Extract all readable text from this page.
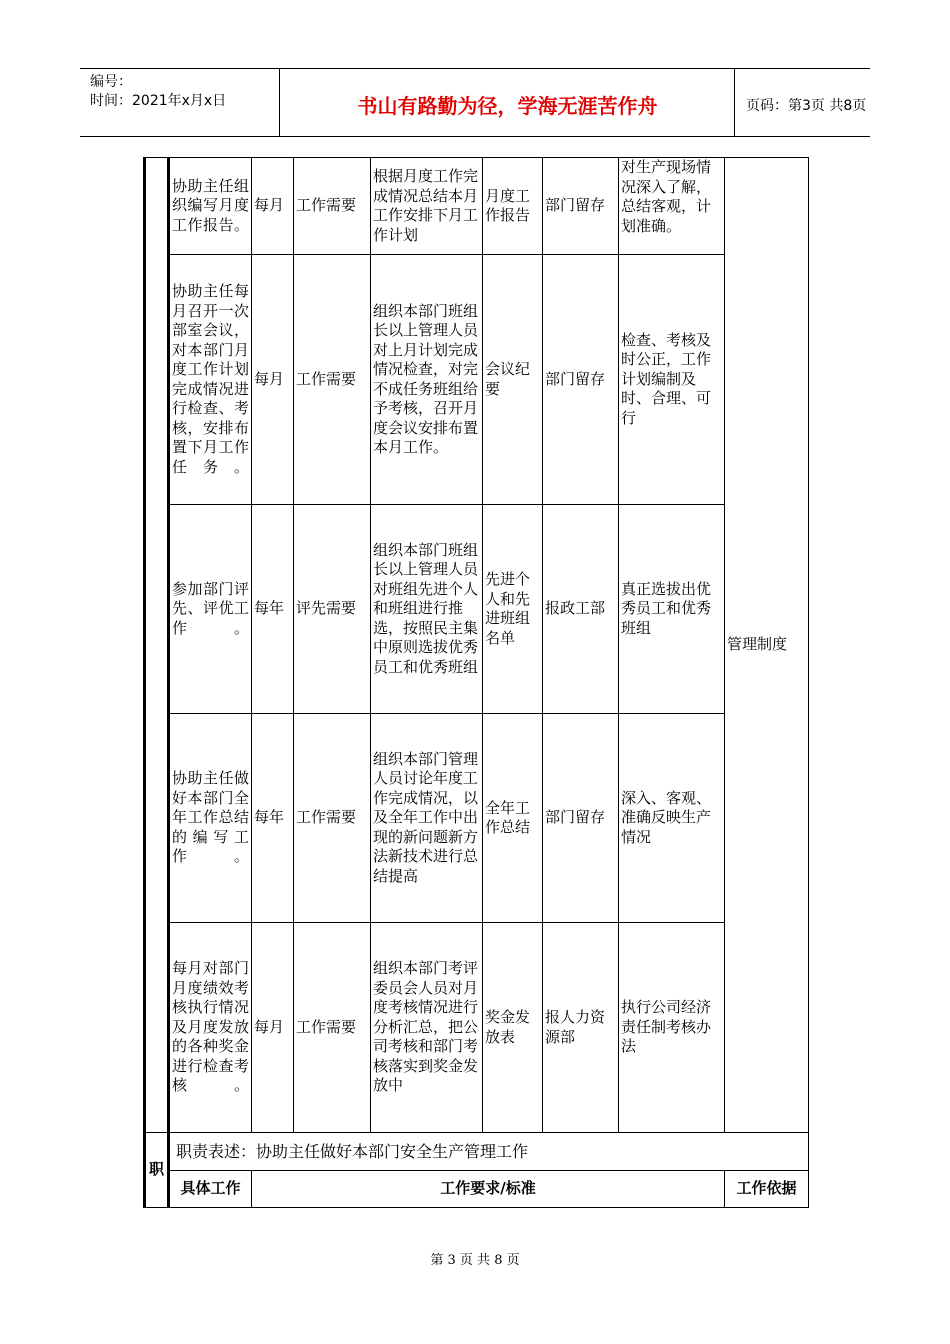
编号：
时间：2021年x月x日	书山有路勤为径，学海无涯苦作舟	页码：第3页 共8页
	协助主任组织编写月度工作报告。	每月	工作需要	根据月度工作完成情况总结本月工作安排下月工作计划	月度工作报告	部门留存	对生产现场情况深入了解，总结客观，计划准确。	管理制度
	协助主任每月召开一次部室会议，对本部门月度工作计划完成情况进行检查、考核，安排布置下月工作任务。	每月	工作需要	组织本部门班组长以上管理人员对上月计划完成情况检查，对完不成任务班组给予考核，召开月度会议安排布置本月工作。	会议纪要	部门留存	检查、考核及时公正，工作计划编制及时、合理、可行	
	参加部门评先、评优工作。	每年	评先需要	组织本部门班组长以上管理人员对班组先进个人和班组进行推选，按照民主集中原则选拔优秀员工和优秀班组	先进个人和先进班组名单	报政工部	真正选拔出优秀员工和优秀班组	
	协助主任做好本部门全年工作总结的编写工作。	每年	工作需要	组织本部门管理人员讨论年度工作完成情况，以及全年工作中出现的新问题新方法新技术进行总结提高	全年工作总结	部门留存	深入、客观、准确反映生产情况	
	每月对部门月度绩效考核执行情况及月度发放的各种奖金进行检查考核。	每月	工作需要	组织本部门考评委员会人员对月度考核情况进行分析汇总，把公司考核和部门考核落实到奖金发放中	奖金发放表	报人力资源部	执行公司经济责任制考核办法	
职	职责表述：协助主任做好本部门安全生产管理工作							
	具体工作	工作要求/标准						工作依据
第 3 页 共 8 页
